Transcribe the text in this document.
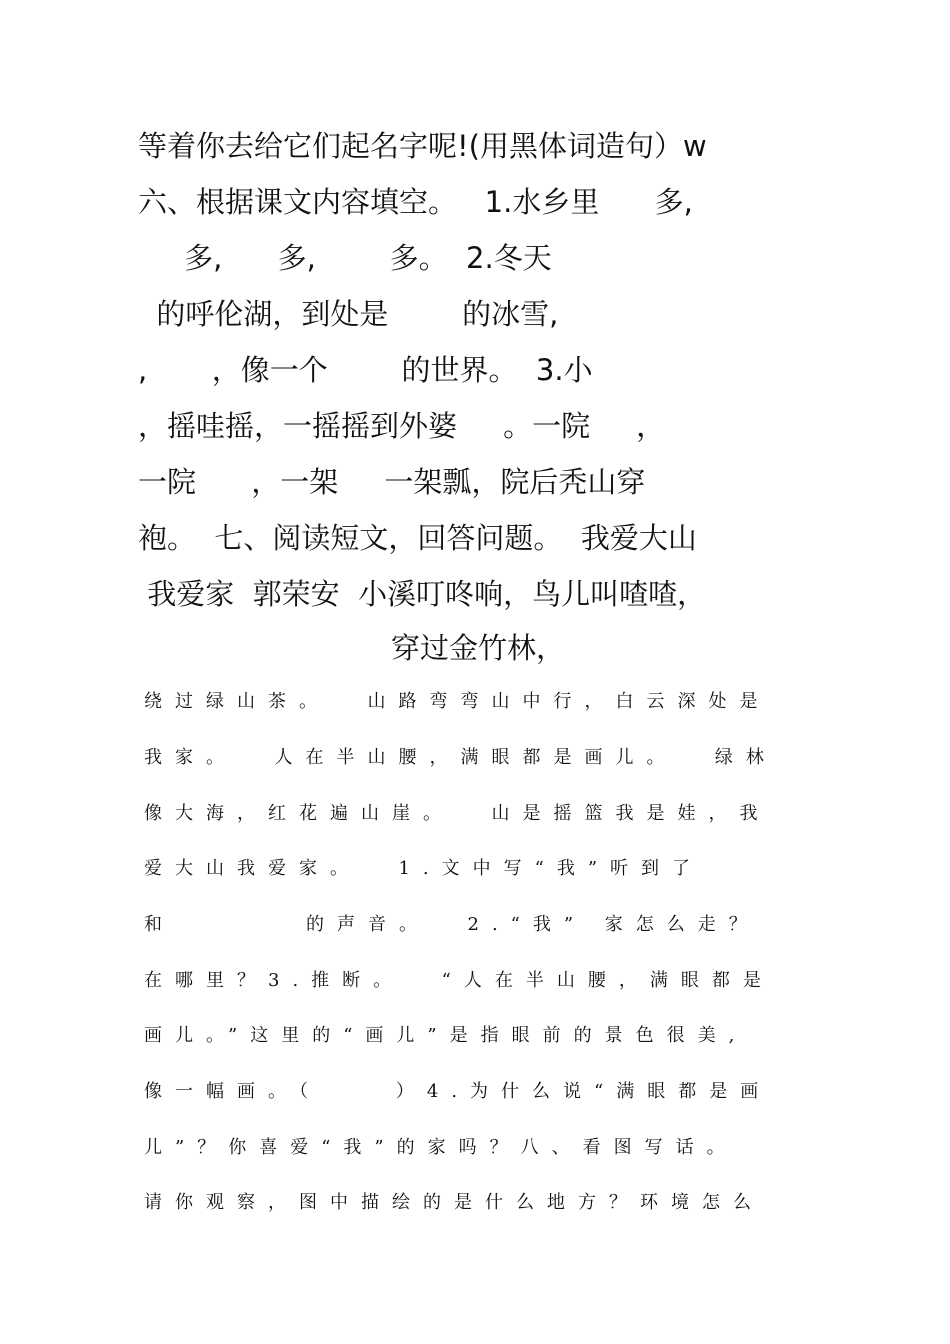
等着你去给它们起名字呢!(用黑体词造句）w
六、根据课文内容填空。   1.水乡里      多,
多,      多,        多。  2.冬天
的呼伦湖，到处是        的冰雪,
,       ，像一个        的世界。  3.小
，摇哇摇，一摇摇到外婆     。一院     ，
一院      ，一架     一架瓢，院后秃山穿
袍。  七、阅读短文，回答问题。  我爱大山
我爱家  郭荣安  小溪叮咚响，鸟儿叫喳喳，
穿过金竹林，
绕过绿山茶。  山路弯弯山中行，白云深处是
我家。  人在半山腰，满眼都是画儿。  绿林
像大海，红花遍山崖。  山是摇篮我是娃，我
爱大山我爱家。  1.文中写“我”听到了
和       的声音。  2.“我” 家怎么走？
在哪里？3.推断。  “人在半山腰，满眼都是
画儿。”这里的“画儿”是指眼前的景色很美,
像一幅画。（    ）4.为什么说“满眼都是画
儿”？你喜爱“我”的家吗？八、看图写话。
请你观察，图中描绘的是什么地方？环境怎么
